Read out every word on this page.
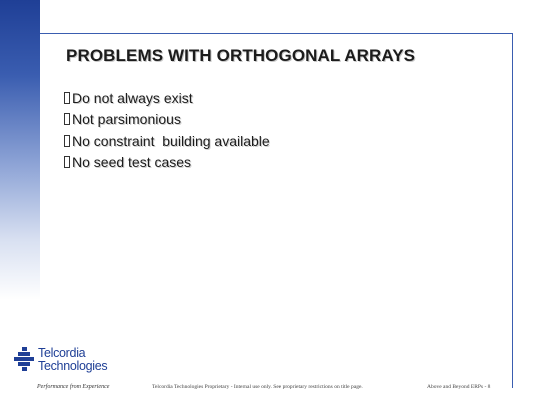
PROBLEMS WITH ORTHOGONAL ARRAYS
Do not always exist
Not parsimonious
No constraint  building available
No seed test cases
Telcordia
Technologies
Performance from Experience	Telcordia Technologies Proprietary - Internal use only. See proprietary restrictions on title page.	Above and Beyond ERPs - 8
